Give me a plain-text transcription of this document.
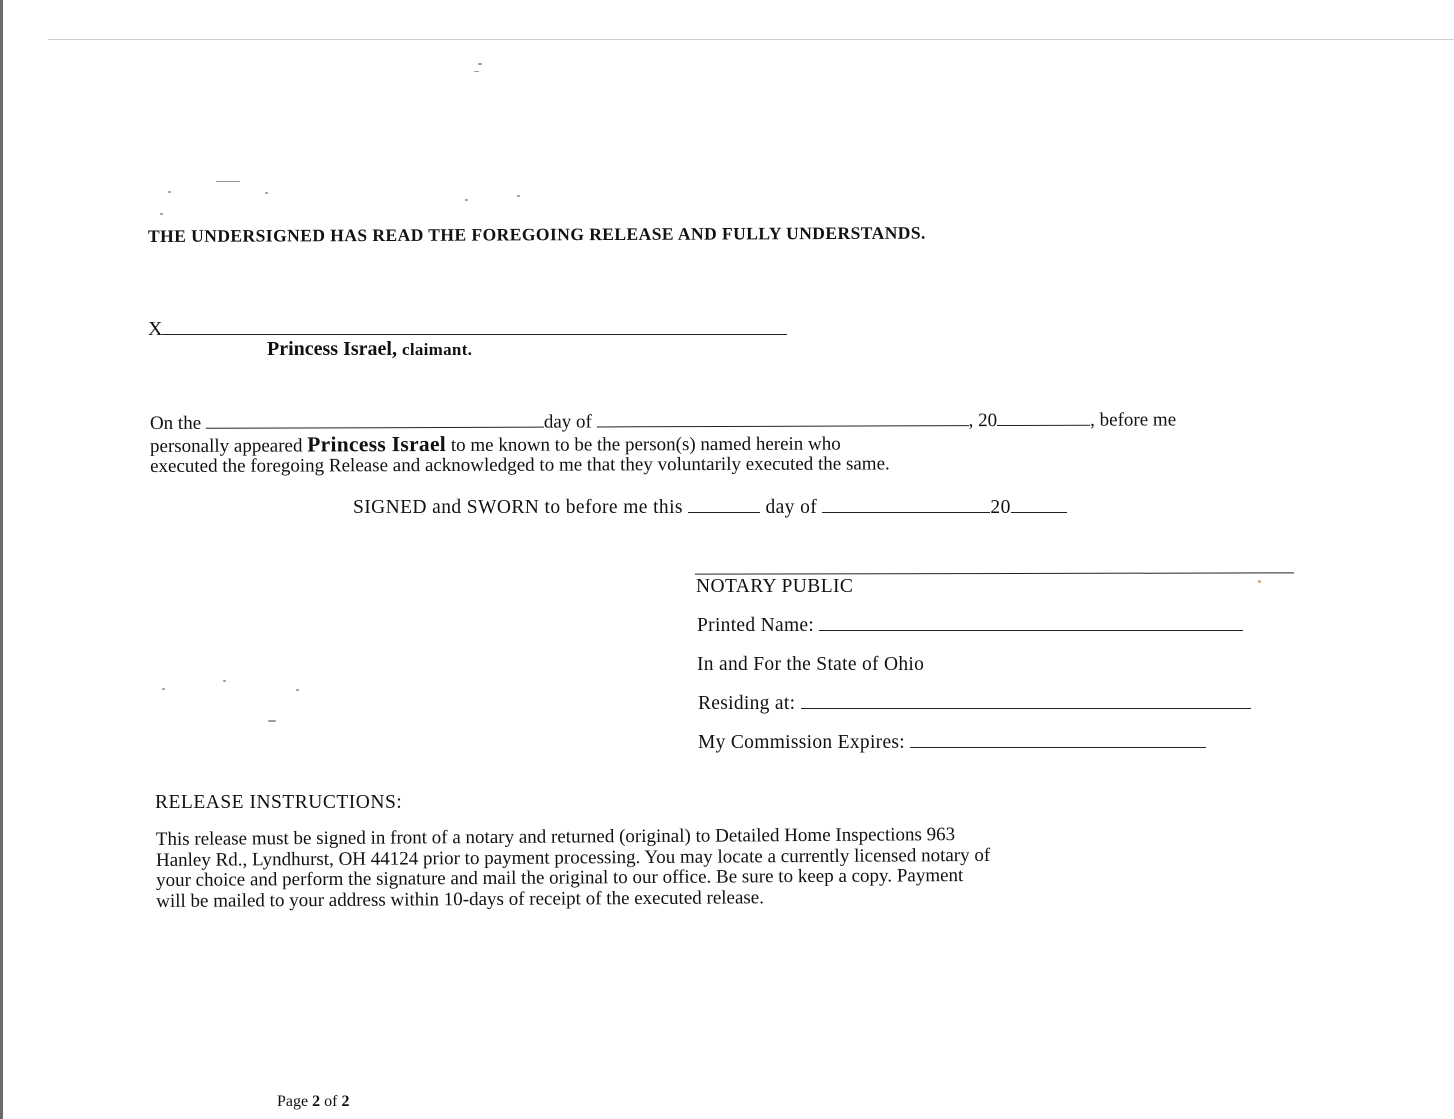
THE UNDERSIGNED HAS READ THE FOREGOING RELEASE AND FULLY UNDERSTANDS.
X
Princess Israel, claimant.
On the	day of	, 20	, before me
personally appeared Princess Israel to me known to be the person(s) named herein who
executed the foregoing Release and acknowledged to me that they voluntarily executed the same.
SIGNED and SWORN to before me this	day of	20
NOTARY PUBLIC
Printed Name:
In and For the State of Ohio
Residing at:
My Commission Expires:
RELEASE INSTRUCTIONS:
This release must be signed in front of a notary and returned (original) to Detailed Home Inspections 963
Hanley Rd., Lyndhurst, OH 44124 prior to payment processing. You may locate a currently licensed notary of
your choice and perform the signature and mail the original to our office. Be sure to keep a copy. Payment
will be mailed to your address within 10-days of receipt of the executed release.
Page 2 of 2
